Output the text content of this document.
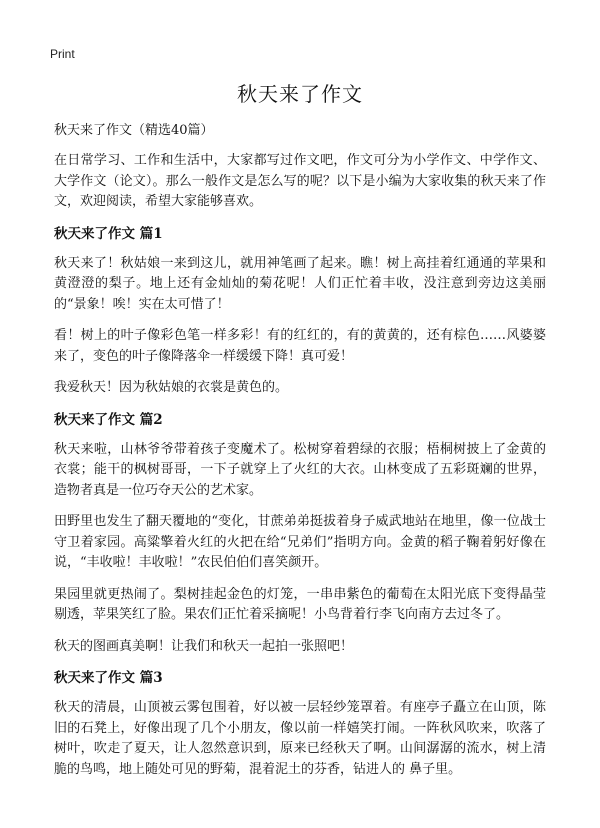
Print
秋天来了作文
秋天来了作文（精选40篇）

在日常学习、工作和生活中，大家都写过作文吧，作文可分为小学作文、中学作文、大学作文（论文）。那么一般作文是怎么写的呢？以下是小编为大家收集的秋天来了作文，欢迎阅读，希望大家能够喜欢。

秋天来了作文 篇1

秋天来了！秋姑娘一来到这儿，就用神笔画了起来。瞧！树上高挂着红通通的苹果和黄澄澄的梨子。地上还有金灿灿的菊花呢！人们正忙着丰收，没注意到旁边这美丽的“景象！唉！实在太可惜了！

看！树上的叶子像彩色笔一样多彩！有的红红的，有的黄黄的，还有棕色……风婆婆来了，变色的叶子像降落伞一样缓缓下降！真可爱！

我爱秋天！因为秋姑娘的衣裳是黄色的。

秋天来了作文 篇2

秋天来啦，山林爷爷带着孩子变魔术了。松树穿着碧绿的衣服；梧桐树披上了金黄的衣裳；能干的枫树哥哥，一下子就穿上了火红的大衣。山林变成了五彩斑斓的世界，造物者真是一位巧夺天公的艺术家。

田野里也发生了翻天覆地的“变化，甘蔗弟弟挺拔着身子威武地站在地里，像一位战士守卫着家园。高粱擎着火红的火把在给“兄弟们”指明方向。金黄的稻子鞠着躬好像在说，“丰收啦！丰收啦！”农民伯伯们喜笑颜开。

果园里就更热闹了。梨树挂起金色的灯笼，一串串紫色的葡萄在太阳光底下变得晶莹剔透，苹果笑红了脸。果农们正忙着采摘呢！小鸟背着行李飞向南方去过冬了。

秋天的图画真美啊！让我们和秋天一起拍一张照吧！

秋天来了作文 篇3

秋天的清晨，山顶被云雾包围着，好以被一层轻纱笼罩着。有座亭子矗立在山顶，陈旧的石凳上，好像出现了几个小朋友，像以前一样嬉笑打闹。一阵秋风吹来，吹落了树叶，吹走了夏天，让人忽然意识到，原来已经秋天了啊。山间潺潺的流水，树上清脆的鸟鸣，地上随处可见的野菊，混着泥土的芬香，钻进人的 鼻子里。
